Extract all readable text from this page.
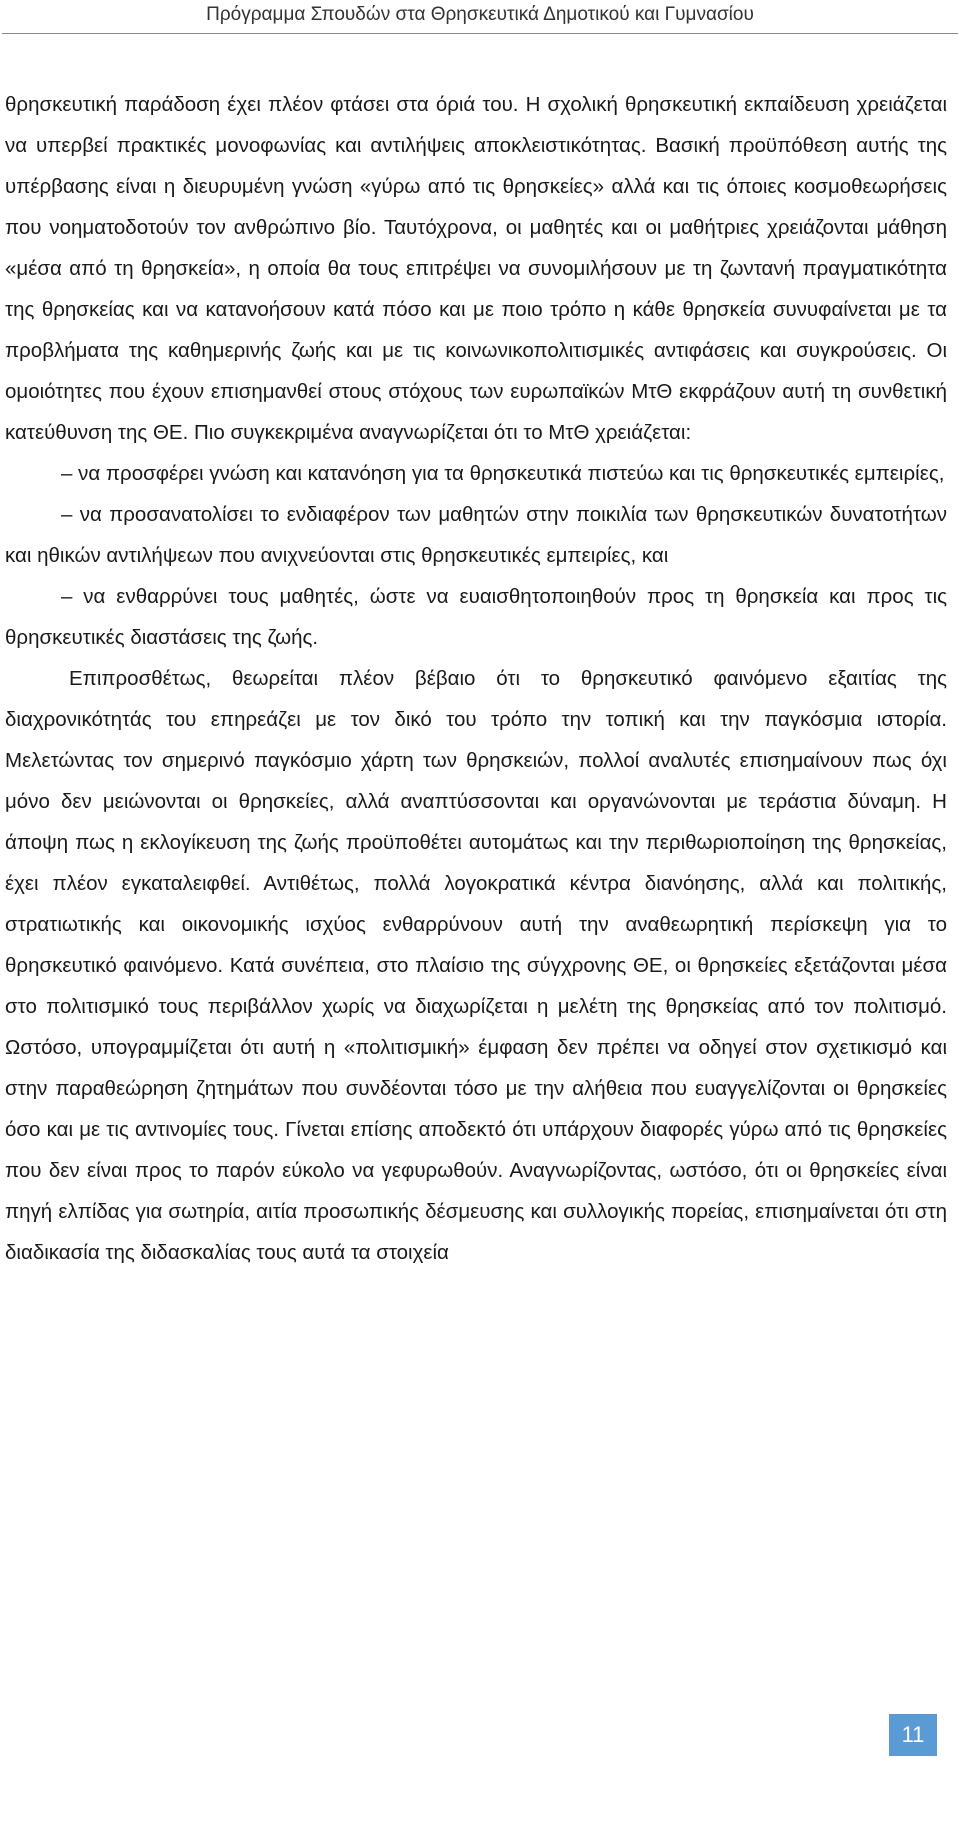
Πρόγραμμα Σπουδών στα Θρησκευτικά Δημοτικού και Γυμνασίου

θρησκευτική παράδοση έχει πλέον φτάσει στα όριά του. Η σχολική θρησκευτική εκπαίδευση χρειάζεται να υπερβεί πρακτικές μονοφωνίας και αντιλήψεις αποκλειστικότητας. Βασική προϋπόθεση αυτής της υπέρβασης είναι η διευρυμένη γνώση «γύρω από τις θρησκείες» αλλά και τις όποιες κοσμοθεωρήσεις που νοηματοδοτούν τον ανθρώπινο βίο. Ταυτόχρονα, οι μαθητές και οι μαθήτριες χρειάζονται μάθηση «μέσα από τη θρησκεία», η οποία θα τους επιτρέψει να συνομιλήσουν με τη ζωντανή πραγματικότητα της θρησκείας και να κατανοήσουν κατά πόσο και με ποιο τρόπο η κάθε θρησκεία συνυφαίνεται με τα προβλήματα της καθημερινής ζωής και με τις κοινωνικοπολιτισμικές αντιφάσεις και συγκρούσεις. Οι ομοιότητες που έχουν επισημανθεί στους στόχους των ευρωπαϊκών ΜτΘ εκφράζουν αυτή τη συνθετική κατεύθυνση της ΘΕ. Πιο συγκεκριμένα αναγνωρίζεται ότι το ΜτΘ χρειάζεται:

– να προσφέρει γνώση και κατανόηση για τα θρησκευτικά πιστεύω και τις θρησκευτικές εμπειρίες,

– να προσανατολίσει το ενδιαφέρον των μαθητών στην ποικιλία των θρησκευτικών δυνατοτήτων και ηθικών αντιλήψεων που ανιχνεύονται στις θρησκευτικές εμπειρίες, και

– να ενθαρρύνει τους μαθητές, ώστε να ευαισθητοποιηθούν προς τη θρησκεία και προς τις θρησκευτικές διαστάσεις της ζωής.

Επιπροσθέτως, θεωρείται πλέον βέβαιο ότι το θρησκευτικό φαινόμενο εξαιτίας της διαχρονικότητάς του επηρεάζει με τον δικό του τρόπο την τοπική και την παγκόσμια ιστορία. Μελετώντας τον σημερινό παγκόσμιο χάρτη των θρησκειών, πολλοί αναλυτές επισημαίνουν πως όχι μόνο δεν μειώνονται οι θρησκείες, αλλά αναπτύσσονται και οργανώνονται με τεράστια δύναμη. Η άποψη πως η εκλογίκευση της ζωής προϋποθέτει αυτομάτως και την περιθωριοποίηση της θρησκείας, έχει πλέον εγκαταλειφθεί. Αντιθέτως, πολλά λογοκρατικά κέντρα διανόησης, αλλά και πολιτικής, στρατιωτικής και οικονομικής ισχύος ενθαρρύνουν αυτή την αναθεωρητική περίσκεψη για το θρησκευτικό φαινόμενο. Κατά συνέπεια, στο πλαίσιο της σύγχρονης ΘΕ, οι θρησκείες εξετάζονται μέσα στο πολιτισμικό τους περιβάλλον χωρίς να διαχωρίζεται η μελέτη της θρησκείας από τον πολιτισμό. Ωστόσο, υπογραμμίζεται ότι αυτή η «πολιτισμική» έμφαση δεν πρέπει να οδηγεί στον σχετικισμό και στην παραθεώρηση ζητημάτων που συνδέονται τόσο με την αλήθεια που ευαγγελίζονται οι θρησκείες όσο και με τις αντινομίες τους. Γίνεται επίσης αποδεκτό ότι υπάρχουν διαφορές γύρω από τις θρησκείες που δεν είναι προς το παρόν εύκολο να γεφυρωθούν. Αναγνωρίζοντας, ωστόσο, ότι οι θρησκείες είναι πηγή ελπίδας για σωτηρία, αιτία προσωπικής δέσμευσης και συλλογικής πορείας, επισημαίνεται ότι στη διαδικασία της διδασκαλίας τους αυτά τα στοιχεία

11
